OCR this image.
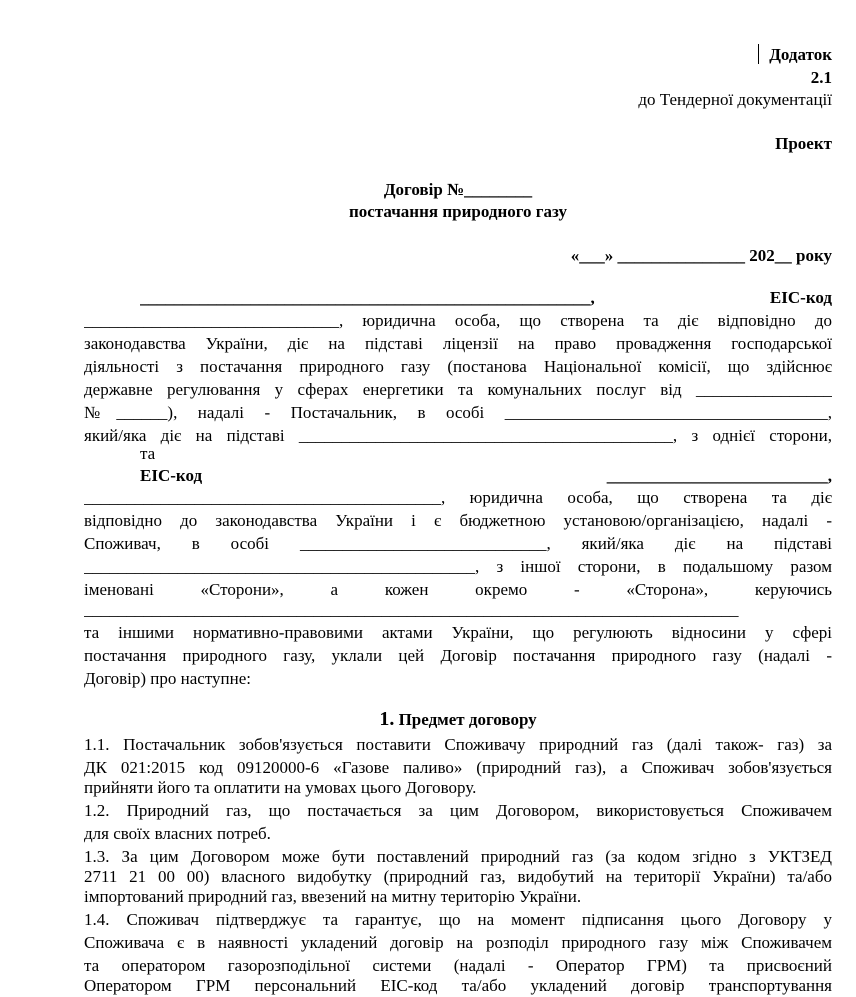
Додаток
2.1
до Тендерної документації
Проект
Договір №________
постачання природного газу
«___» _______________ 202__ року
_____________________________________________________, ЕІС-код
______________________________, юридична особа, що створена та діє відповідно до
законодавства України, діє на підставі ліцензії на право провадження господарської
діяльності з постачання природного газу (постанова Національної комісії, що здійснює
державне регулювання у сферах енергетики та комунальних послуг від ________________
№______), надалі - Постачальник, в особі ______________________________________,
який/яка діє на підставі ____________________________________________, з однієї сторони,
та
ЕІС-код	__________________________,
__________________________________________, юридична особа, що створена та діє
відповідно до законодавства України і є бюджетною установою/організацією, надалі -
Споживач, в особі _____________________________, який/яка діє на підставі
______________________________________________, з іншої сторони, в подальшому разом
іменовані «Сторони», а кожен окремо - «Сторона», керуючись
_____________________________________________________________________________
та іншими нормативно-правовими актами України, що регулюють відносини у сфері
постачання природного газу, уклали цей Договір постачання природного газу (надалі -
Договір) про наступне:
1. Предмет договору
1.1. Постачальник зобов'язується поставити Споживачу природний газ (далі також- газ) за
ДК 021:2015 код 09120000-6 «Газове паливо» (природний газ), а Споживач зобов'язується
прийняти його та оплатити на умовах цього Договору.
1.2. Природний газ, що постачається за цим Договором, використовується Споживачем
для своїх власних потреб.
1.3. За цим Договором може бути поставлений природний газ (за кодом згідно з УКТЗЕД
2711 21 00 00) власного видобутку (природний газ, видобутий на території України) та/або
імпортований природний газ, ввезений на митну територію України.
1.4. Споживач підтверджує та гарантує, що на момент підписання цього Договору у
Споживача є в наявності укладений договір на розподіл природного газу між Споживачем
та оператором газорозподільної системи (надалі - Оператор ГРМ) та присвоєний
Оператором ГРМ персональний ЕІС-код та/або укладений договір транспортування
